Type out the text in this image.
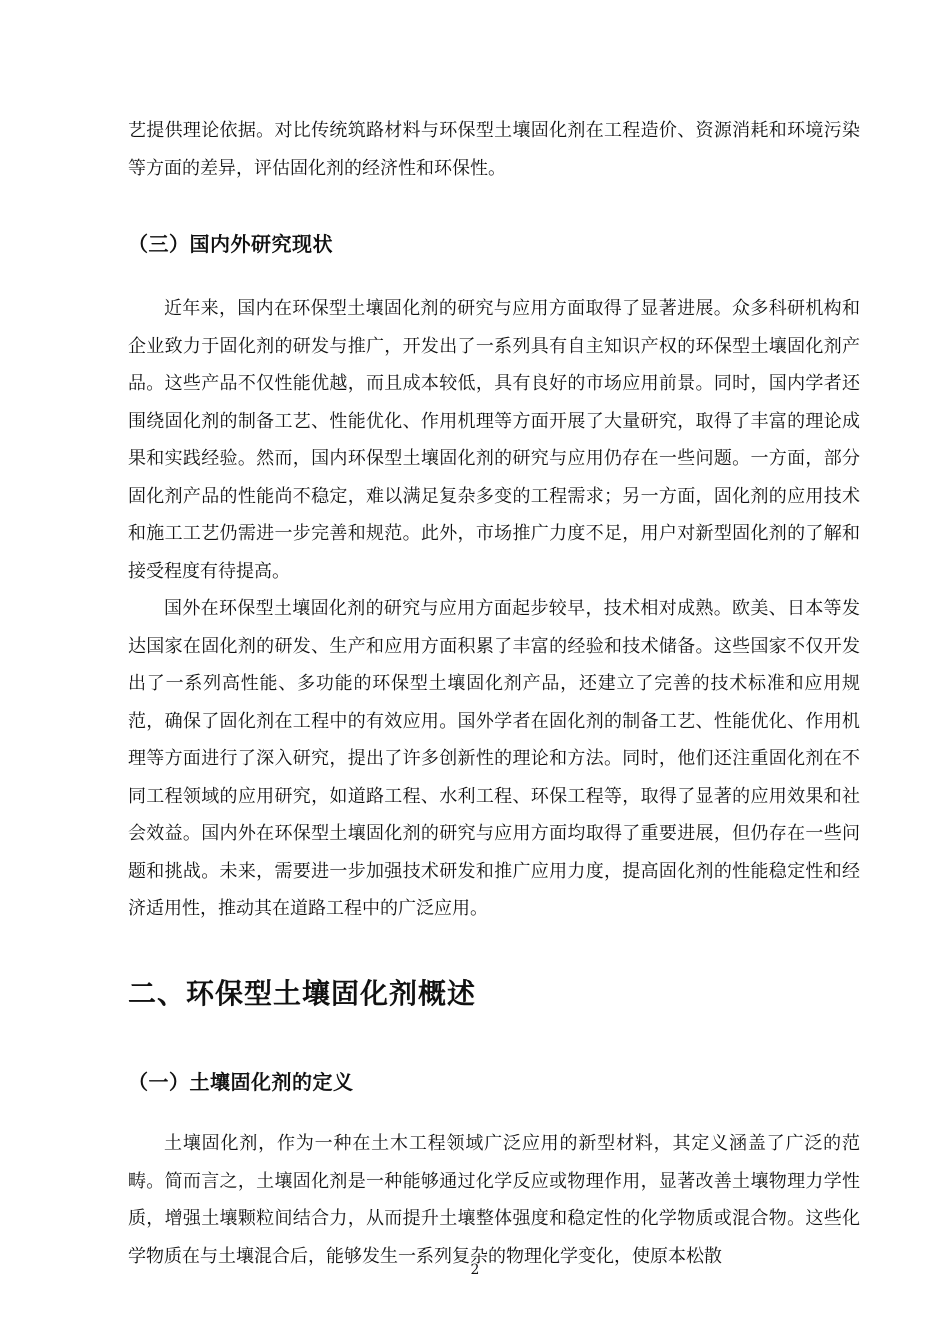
艺提供理论依据。对比传统筑路材料与环保型土壤固化剂在工程造价、资源消耗和环境污染等方面的差异，评估固化剂的经济性和环保性。

（三）国内外研究现状

近年来，国内在环保型土壤固化剂的研究与应用方面取得了显著进展。众多科研机构和企业致力于固化剂的研发与推广，开发出了一系列具有自主知识产权的环保型土壤固化剂产品。这些产品不仅性能优越，而且成本较低，具有良好的市场应用前景。同时，国内学者还围绕固化剂的制备工艺、性能优化、作用机理等方面开展了大量研究，取得了丰富的理论成果和实践经验。然而，国内环保型土壤固化剂的研究与应用仍存在一些问题。一方面，部分固化剂产品的性能尚不稳定，难以满足复杂多变的工程需求；另一方面，固化剂的应用技术和施工工艺仍需进一步完善和规范。此外，市场推广力度不足，用户对新型固化剂的了解和接受程度有待提高。

国外在环保型土壤固化剂的研究与应用方面起步较早，技术相对成熟。欧美、日本等发达国家在固化剂的研发、生产和应用方面积累了丰富的经验和技术储备。这些国家不仅开发出了一系列高性能、多功能的环保型土壤固化剂产品，还建立了完善的技术标准和应用规范，确保了固化剂在工程中的有效应用。国外学者在固化剂的制备工艺、性能优化、作用机理等方面进行了深入研究，提出了许多创新性的理论和方法。同时，他们还注重固化剂在不同工程领域的应用研究，如道路工程、水利工程、环保工程等，取得了显著的应用效果和社会效益。国内外在环保型土壤固化剂的研究与应用方面均取得了重要进展，但仍存在一些问题和挑战。未来，需要进一步加强技术研发和推广应用力度，提高固化剂的性能稳定性和经济适用性，推动其在道路工程中的广泛应用。

二、环保型土壤固化剂概述
（一）土壤固化剂的定义

土壤固化剂，作为一种在土木工程领域广泛应用的新型材料，其定义涵盖了广泛的范畴。简而言之，土壤固化剂是一种能够通过化学反应或物理作用，显著改善土壤物理力学性质，增强土壤颗粒间结合力，从而提升土壤整体强度和稳定性的化学物质或混合物。这些化学物质在与土壤混合后，能够发生一系列复杂的物理化学变化，使原本松散

2
